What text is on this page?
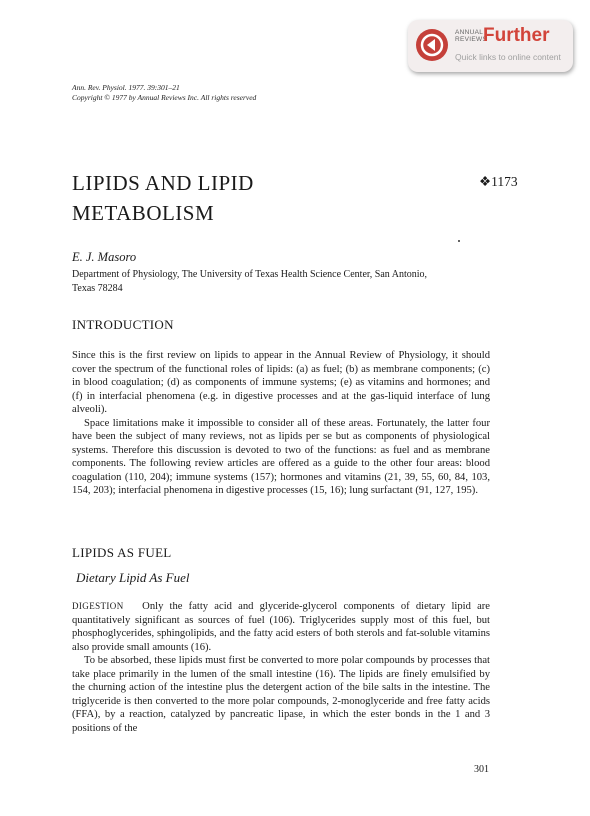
ANNUAL
REVIEWS
Further
Quick links to online content
Ann. Rev. Physiol. 1977. 39:301–21
Copyright © 1977 by Annual Reviews Inc. All rights reserved
LIPIDS AND LIPID
METABOLISM
❖1173
E. J. Masoro
Department of Physiology, The University of Texas Health Science Center, San Antonio,
Texas 78284
INTRODUCTION

Since this is the first review on lipids to appear in the Annual Review of Physiology, it should cover the spectrum of the functional roles of lipids: (a) as fuel; (b) as membrane components; (c) in blood coagulation; (d) as components of immune systems; (e) as vitamins and hormones; and (f) in interfacial phenomena (e.g. in digestive processes and at the gas-liquid interface of lung alveoli).

Space limitations make it impossible to consider all of these areas. Fortunately, the latter four have been the subject of many reviews, not as lipids per se but as components of physiological systems. Therefore this discussion is devoted to two of the functions: as fuel and as membrane components. The following review articles are offered as a guide to the other four areas: blood coagulation (110, 204); immune systems (157); hormones and vitamins (21, 39, 55, 60, 84, 103, 154, 203); interfacial phenomena in digestive processes (15, 16); lung surfactant (91, 127, 195).

LIPIDS AS FUEL
Dietary Lipid As Fuel

DIGESTION Only the fatty acid and glyceride-glycerol components of dietary lipid are quantitatively significant as sources of fuel (106). Triglycerides supply most of this fuel, but phosphoglycerides, sphingolipids, and the fatty acid esters of both sterols and fat-soluble vitamins also provide small amounts (16).

To be absorbed, these lipids must first be converted to more polar compounds by processes that take place primarily in the lumen of the small intestine (16). The lipids are finely emulsified by the churning action of the intestine plus the detergent action of the bile salts in the intestine. The triglyceride is then converted to the more polar compounds, 2-monoglyceride and free fatty acids (FFA), by a reaction, catalyzed by pancreatic lipase, in which the ester bonds in the 1 and 3 positions of the

301
